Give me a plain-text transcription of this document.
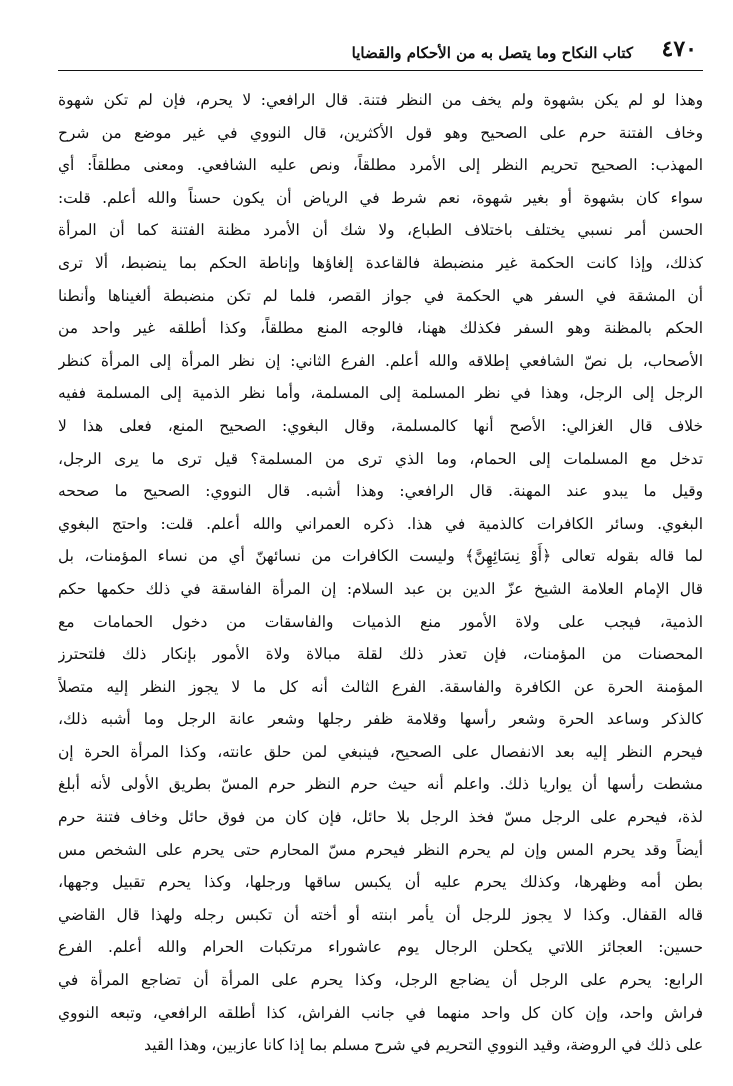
٤٧٠
كتاب النكاح وما يتصل به من الأحكام والقضايا
وهذا لو لم يكن بشهوة ولم يخف من النظر فتنة. قال الرافعي: لا يحرم، فإن لم تكن شهوة
وخاف الفتنة حرم على الصحيح وهو قول الأكثرين، قال النووي في غير موضع من شرح
المهذب: الصحيح تحريم النظر إلى الأمرد مطلقاً، ونص عليه الشافعي. ومعنى مطلقاً: أي
سواء كان بشهوة أو بغير شهوة، نعم شرط في الرياض أن يكون حسناً والله أعلم. قلت:
الحسن أمر نسبي يختلف باختلاف الطباع، ولا شك أن الأمرد مظنة الفتنة كما أن المرأة
كذلك، وإذا كانت الحكمة غير منضبطة فالقاعدة إلغاؤها وإناطة الحكم بما ينضبط، ألا ترى
أن المشقة في السفر هي الحكمة في جواز القصر، فلما لم تكن منضبطة ألغيناها وأنطنا
الحكم بالمظنة وهو السفر فكذلك ههنا، فالوجه المنع مطلقاً، وكذا أطلقه غير واحد من
الأصحاب، بل نصّ الشافعي إطلاقه والله أعلم. الفرع الثاني: إن نظر المرأة إلى المرأة كنظر
الرجل إلى الرجل، وهذا في نظر المسلمة إلى المسلمة، وأما نظر الذمية إلى المسلمة ففيه
خلاف قال الغزالي: الأصح أنها كالمسلمة، وقال البغوي: الصحيح المنع، فعلى هذا لا
تدخل مع المسلمات إلى الحمام، وما الذي ترى من المسلمة؟ قيل ترى ما يرى الرجل،
وقيل ما يبدو عند المهنة. قال الرافعي: وهذا أشبه. قال النووي: الصحيح ما صححه
البغوي. وسائر الكافرات كالذمية في هذا. ذكره العمراني والله أعلم. قلت: واحتج البغوي
لما قاله بقوله تعالى ﴿أَوْ نِسَائِهِنَّ﴾ وليست الكافرات من نسائهنّ أي من نساء المؤمنات، بل
قال الإمام العلامة الشيخ عزّ الدين بن عبد السلام: إن المرأة الفاسقة في ذلك حكمها حكم
الذمية، فيجب على ولاة الأمور منع الذميات والفاسقات من دخول الحمامات مع
المحصنات من المؤمنات، فإن تعذر ذلك لقلة مبالاة ولاة الأمور بإنكار ذلك فلتحترز
المؤمنة الحرة عن الكافرة والفاسقة. الفرع الثالث أنه كل ما لا يجوز النظر إليه متصلاً
كالذكر وساعد الحرة وشعر رأسها وقلامة ظفر رجلها وشعر عانة الرجل وما أشبه ذلك،
فيحرم النظر إليه بعد الانفصال على الصحيح، فينبغي لمن حلق عانته، وكذا المرأة الحرة إن
مشطت رأسها أن يواريا ذلك. واعلم أنه حيث حرم النظر حرم المسّ بطريق الأولى لأنه أبلغ
لذة، فيحرم على الرجل مسّ فخذ الرجل بلا حائل، فإن كان من فوق حائل وخاف فتنة حرم
أيضاً وقد يحرم المس وإن لم يحرم النظر فيحرم مسّ المحارم حتى يحرم على الشخص مس
بطن أمه وظهرها، وكذلك يحرم عليه أن يكبس ساقها ورجلها، وكذا يحرم تقبيل وجهها،
قاله القفال. وكذا لا يجوز للرجل أن يأمر ابنته أو أخته أن تكبس رجله ولهذا قال القاضي
حسين: العجائز اللاتي يكحلن الرجال يوم عاشوراء مرتكبات الحرام والله أعلم. الفرع
الرابع: يحرم على الرجل أن يضاجع الرجل، وكذا يحرم على المرأة أن تضاجع المرأة في
فراش واحد، وإن كان كل واحد منهما في جانب الفراش، كذا أطلقه الرافعي، وتبعه النووي
على ذلك في الروضة، وقيد النووي التحريم في شرح مسلم بما إذا كانا عازبين، وهذا القيد
